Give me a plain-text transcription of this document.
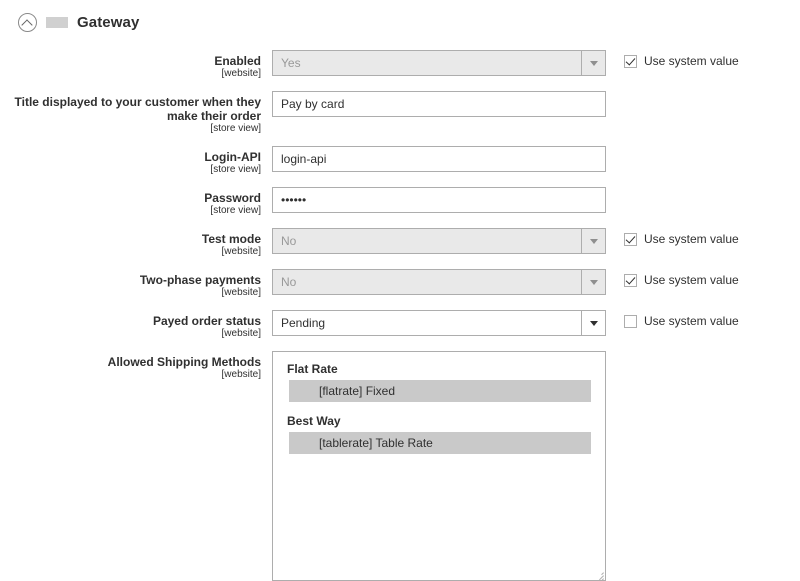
Gateway
Enabled
[website]
Yes	Use system value
Title displayed to your customer when they make their order
[store view]
Pay by card
Login-API
[store view]
login-api
Password
[store view]
••••••
Test mode
[website]
No	Use system value
Two-phase payments
[website]
No	Use system value
Payed order status
[website]
Pending	Use system value
Allowed Shipping Methods
[website]	Flat Rate
[flatrate] Fixed
Best Way
[tablerate] Table Rate
